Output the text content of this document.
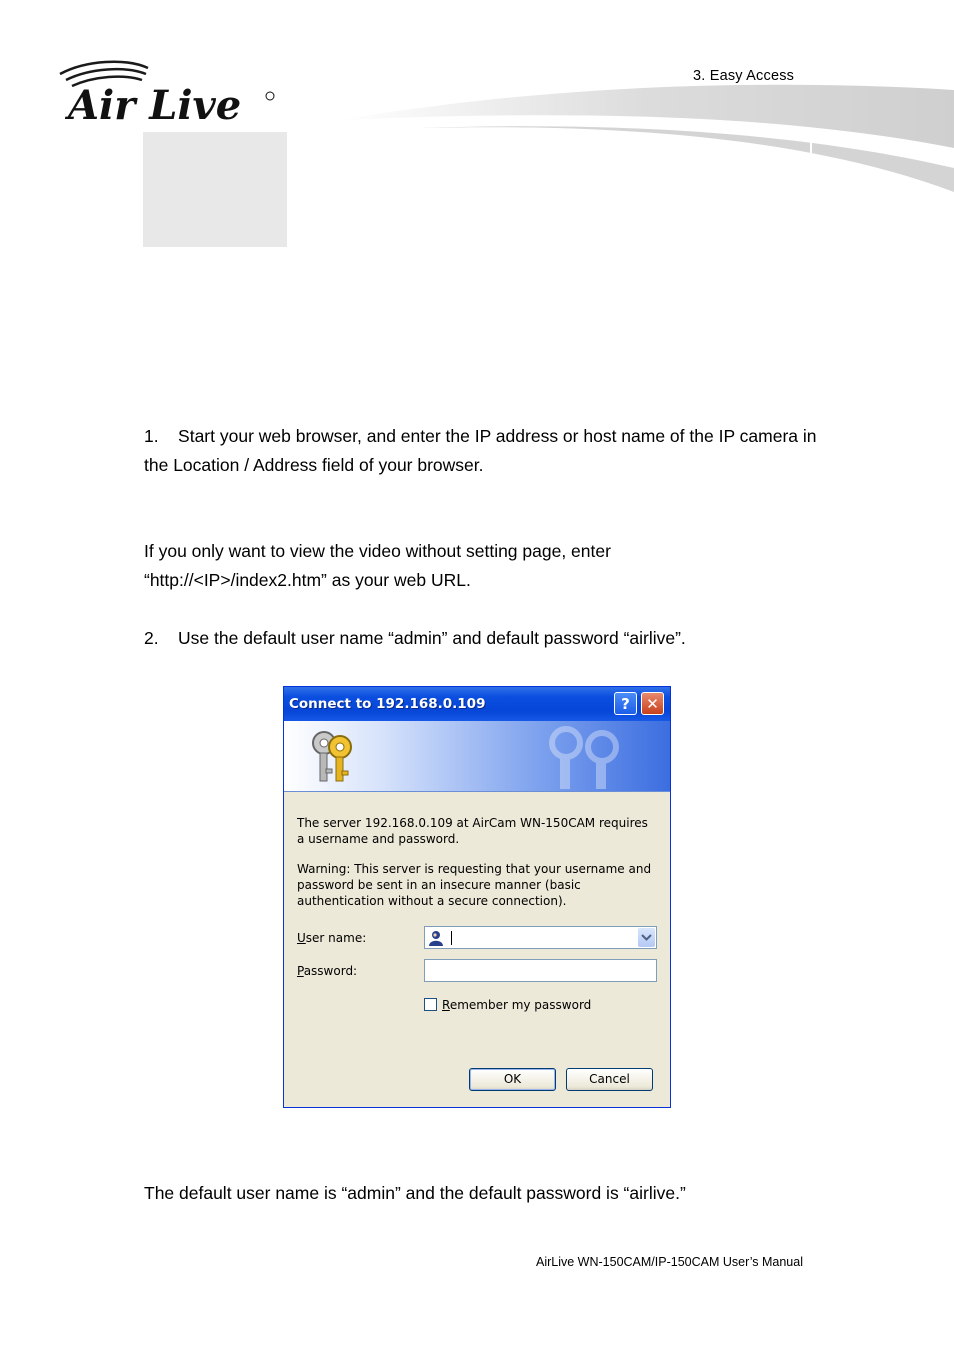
Air Live
3. Easy Access
1.    Start your web browser, and enter the IP address or host name of the IP camera in the Location / Address field of your browser.
If you only want to view the video without setting page, enter “http://<IP>/index2.htm” as your web URL.
2.    Use the default user name “admin” and default password “airlive”.
Connect to 192.168.0.109	?	✕
The server 192.168.0.109 at AirCam WN-150CAM requires a username and password.
Warning: This server is requesting that your username and password be sent in an insecure manner (basic authentication without a secure connection).
User name:
Password:
Remember my password
OK	Cancel
The default user name is “admin” and the default password is “airlive.”
AirLive WN-150CAM/IP-150CAM User’s Manual
